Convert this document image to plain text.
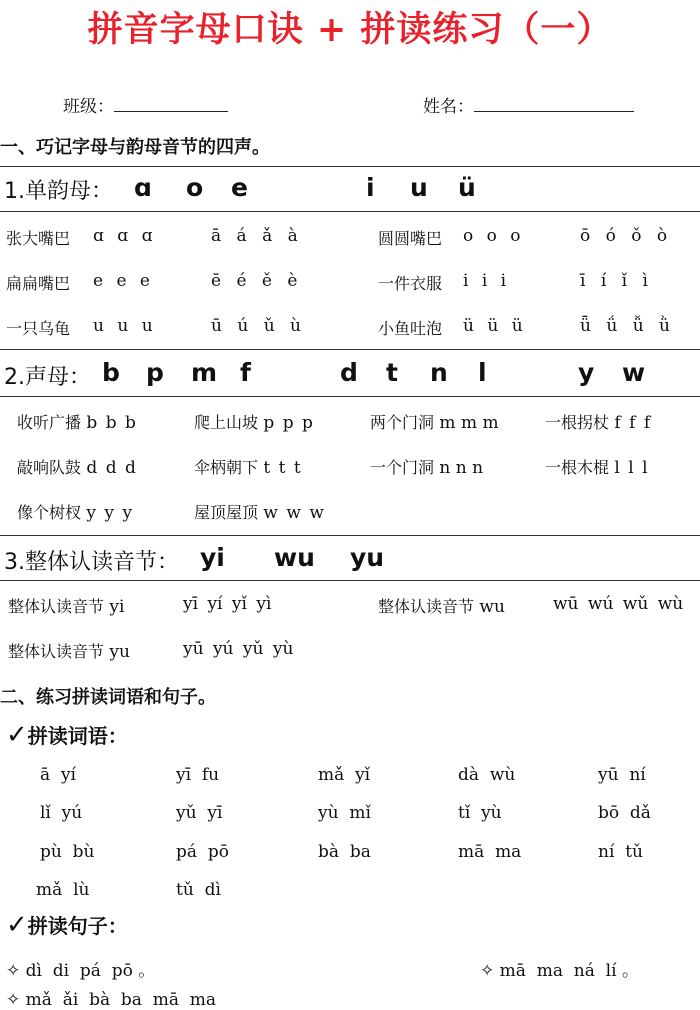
拼音字母口诀 + 拼读练习（一）
班级：	姓名：
一、巧记字母与韵母音节的四声。
1.单韵母： ɑ o e	i u ü
张大嘴巴 ɑ ɑ ɑ	ā á ǎ à	圆圆嘴巴 o o o	ō ó ǒ ò
扁扁嘴巴 e e e	ē é ě è	一件衣服 i i i	ī í ǐ ì
一只乌龟 u u u	ū ú ǔ ù	小鱼吐泡 ü ü ü	ǖ ǘ ǚ ǜ
2.声母： b p m f	d t n l	y w
收听广播 b b b	爬上山坡 p p p	两个门洞 m m m	一根拐杖 f f f
敲响队鼓 d d d	伞柄朝下 t t t	一个门洞 n n n	一根木棍 l l l
像个树杈 y y y	屋顶屋顶 w w w
3.整体认读音节： yi wu yu
整体认读音节 yi	yī yí yǐ yì	整体认读音节 wu	wū wú wǔ wù
整体认读音节 yu	yū yú yǔ yù
二、练习拼读词语和句子。
✓拼读词语：
ā  yí	yī  fu	mǎ  yǐ	dà  wù	yū  ní
lǐ  yú	yǔ  yī	yù  mǐ	tǐ  yù	bō  dǎ
pù  bù	pá  pō	bà  ba	mā  ma	ní  tǔ
mǎ  lù	tǔ  dì
✓拼读句子：
✧ dì  di  pá  pō 。	✧ mā  ma  ná  lí 。
✧ mǎ  ǎi  bà  ba  mā  ma
